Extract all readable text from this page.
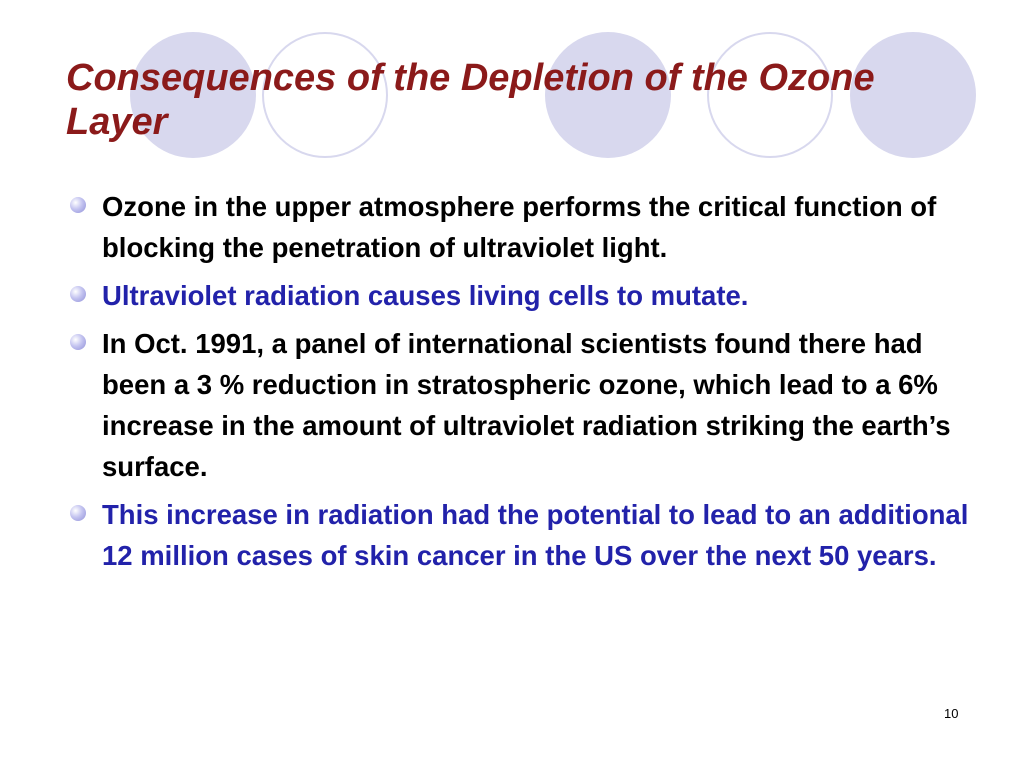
Consequences of the Depletion of the Ozone Layer
Ozone in the upper atmosphere performs the critical function of blocking the penetration of ultraviolet light.
Ultraviolet radiation causes living cells to mutate.
In Oct. 1991, a panel of international scientists found there had been a 3 % reduction in stratospheric ozone, which lead to a 6% increase in the amount of ultraviolet radiation striking the earth’s surface.
This increase in radiation had the potential to lead to an additional 12 million cases of skin cancer in the US over the next 50 years.
10
